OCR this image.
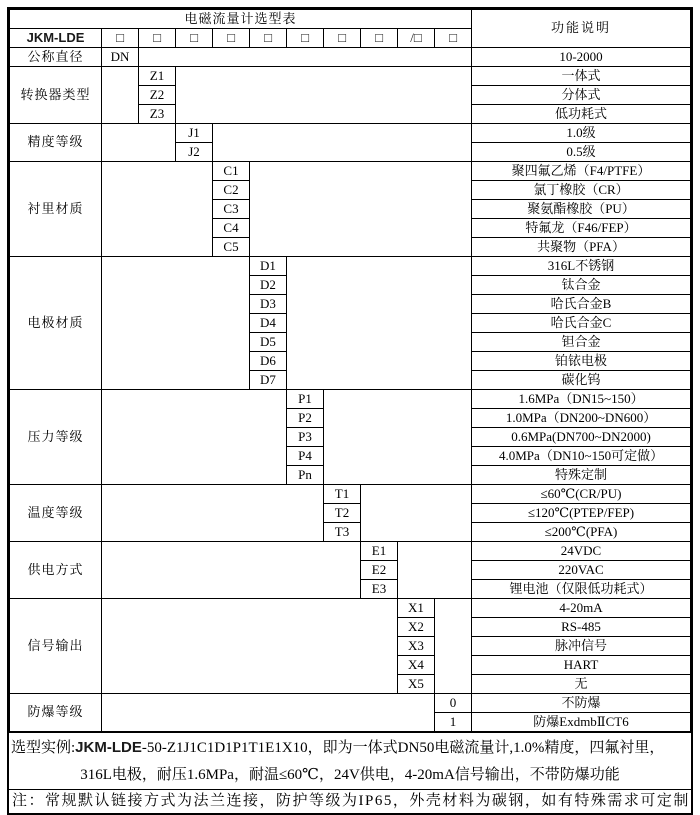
电磁流量计选型表											功能说明
JKM-LDE	□	□	□	□	□	□	□	□	/□	□	
公称直径	DN										10-2000
转换器类型		Z1									一体式
		Z2									分体式
		Z3									低功耗式
精度等级			J1								1.0级
			J2								0.5级
衬里材质				C1							聚四氟乙烯（F4/PTFE）
				C2							氯丁橡胶（CR）
				C3							聚氨酯橡胶（PU）
				C4							特氟龙（F46/FEP）
				C5							共聚物（PFA）
电极材质					D1						316L不锈钢
					D2						钛合金
					D3						哈氏合金B
					D4						哈氏合金C
					D5						钽合金
					D6						铂铱电极
					D7						碳化钨
压力等级						P1					1.6MPa（DN15~150）
						P2					1.0MPa（DN200~DN600）
						P3					0.6MPa(DN700~DN2000)
						P4					4.0MPa（DN10~150可定做）
						Pn					特殊定制
温度等级							T1				≤60℃(CR/PU)
							T2				≤120℃(PTEP/FEP)
							T3				≤200℃(PFA)
供电方式								E1			24VDC
								E2			220VAC
								E3			锂电池（仅限低功耗式）
信号输出									X1		4-20mA
									X2		RS-485
									X3		脉冲信号
									X4		HART
									X5		无
防爆等级										0	不防爆
										1	防爆ExdmbⅡCT6
选型实例:JKM-LDE-50-Z1J1C1D1P1T1E1X10，即为一体式DN50电磁流量计,1.0%精度，四氟衬里，
316L电极，耐压1.6MPa，耐温≤60℃，24V供电，4-20mA信号输出，不带防爆功能
注：常规默认链接方式为法兰连接，防护等级为IP65，外壳材料为碳钢，如有特殊需求可定制
